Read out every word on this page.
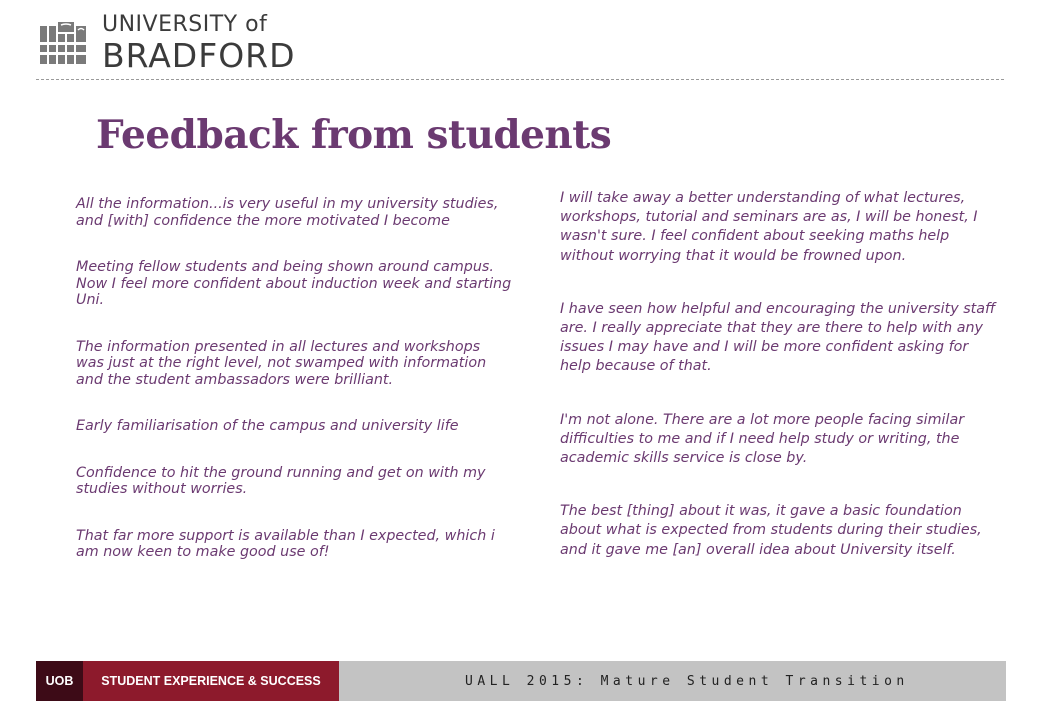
UNIVERSITY of
BRADFORD
Feedback from students

All the information...is very useful in my university studies, and [with] confidence the more motivated I become

Meeting fellow students and being shown around campus. Now I feel more confident about induction week and starting Uni.

The information presented in all lectures and workshops was just at the right level, not swamped with information and the student ambassadors were brilliant.

Early familiarisation of the campus and university life

Confidence to hit the ground running and get on with my studies without worries.

That far more support is available than I expected, which i am now keen to make good use of!

I will take away a better understanding of what lectures, workshops, tutorial and seminars are as, I will be honest, I wasn't sure. I feel confident about seeking maths help without worrying that it would be frowned upon.

I have seen how helpful and encouraging the university staff are. I really appreciate that they are there to help with any issues I may have and I will be more confident asking for help because of that.

I'm not alone. There are a lot more people facing similar difficulties to me and if I need help study or writing, the academic skills service is close by.

The best [thing] about it was, it gave a basic foundation about what is expected from students during their studies, and it gave me [an] overall idea about University itself.

UOB	STUDENT EXPERIENCE & SUCCESS	UALL 2015: Mature Student Transition
